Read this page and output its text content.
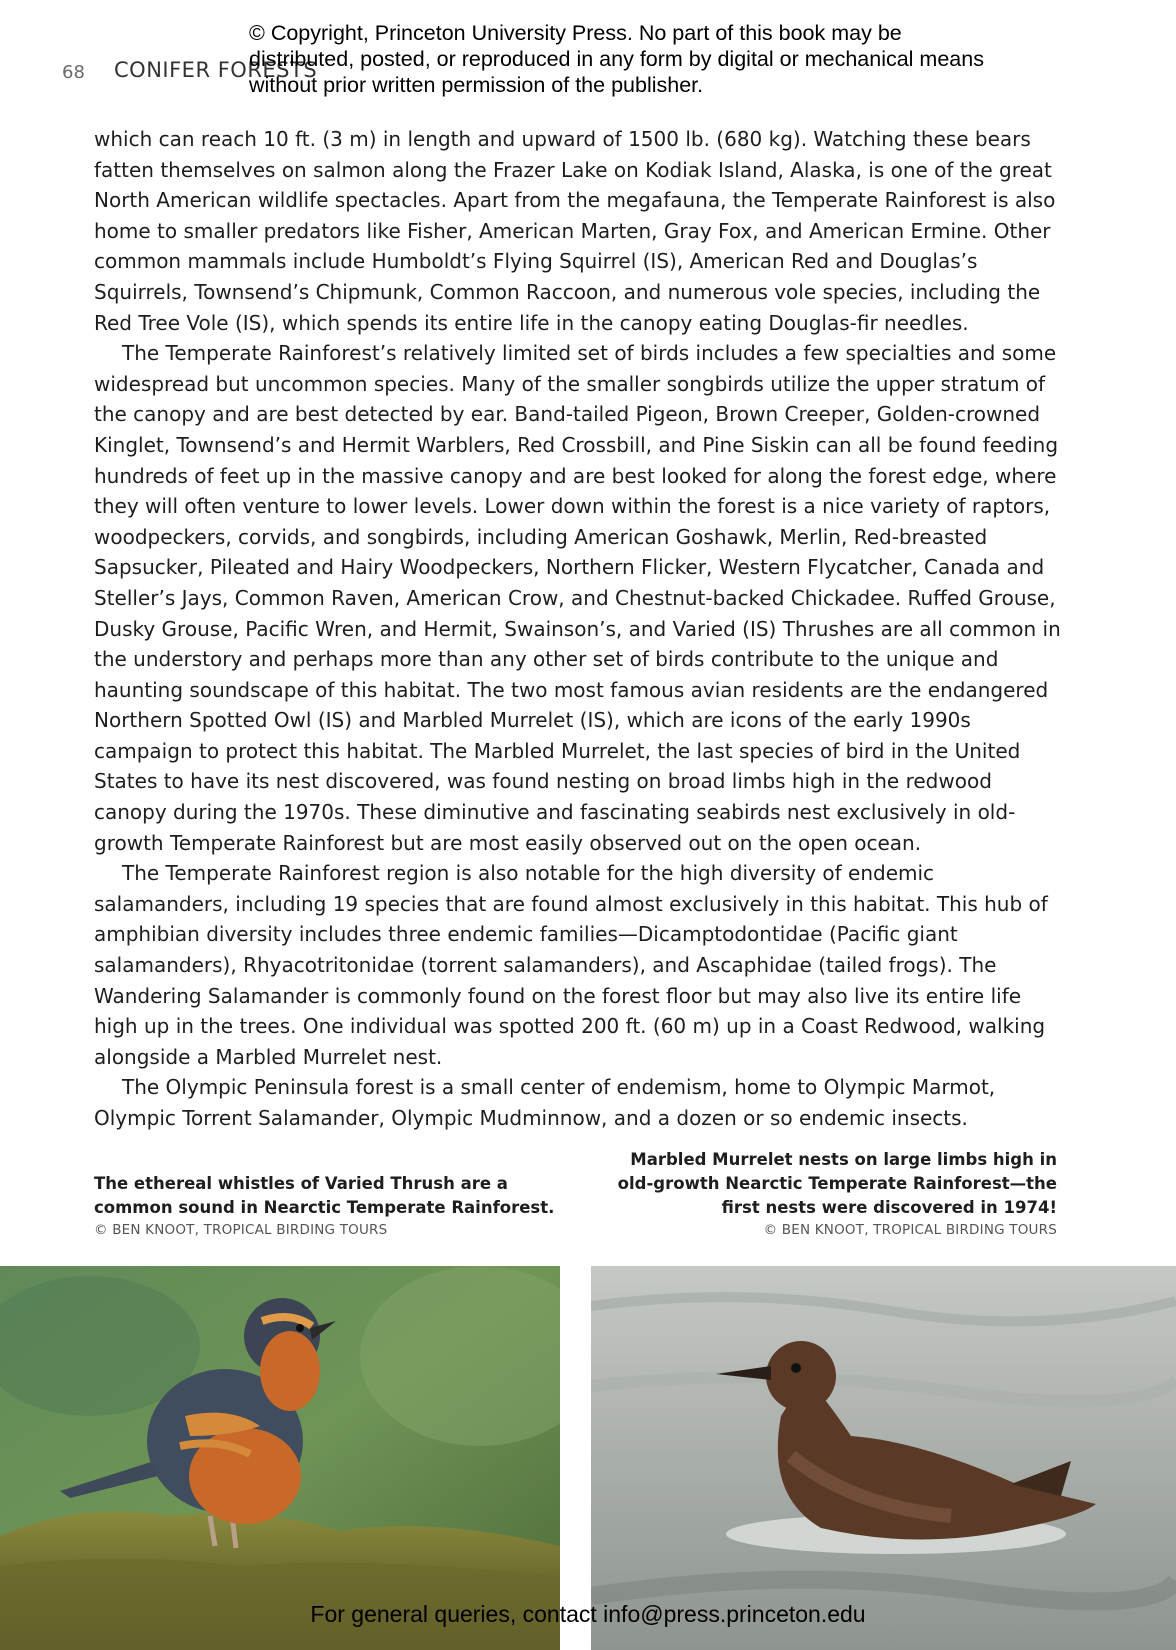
68 CONIFER FORESTS
© Copyright, Princeton University Press. No part of this book may be distributed, posted, or reproduced in any form by digital or mechanical means without prior written permission of the publisher.

which can reach 10 ft. (3 m) in length and upward of 1500 lb. (680 kg). Watching these bears fatten themselves on salmon along the Frazer Lake on Kodiak Island, Alaska, is one of the great North American wildlife spectacles. Apart from the megafauna, the Temperate Rainforest is also home to smaller predators like Fisher, American Marten, Gray Fox, and American Ermine. Other common mammals include Humboldt’s Flying Squirrel (IS), American Red and Douglas’s Squirrels, Townsend’s Chipmunk, Common Raccoon, and numerous vole species, including the Red Tree Vole (IS), which spends its entire life in the canopy eating Douglas-fir needles.

The Temperate Rainforest’s relatively limited set of birds includes a few specialties and some widespread but uncommon species. Many of the smaller songbirds utilize the upper stratum of the canopy and are best detected by ear. Band-tailed Pigeon, Brown Creeper, Golden-crowned Kinglet, Townsend’s and Hermit Warblers, Red Crossbill, and Pine Siskin can all be found feeding hundreds of feet up in the massive canopy and are best looked for along the forest edge, where they will often venture to lower levels. Lower down within the forest is a nice variety of raptors, woodpeckers, corvids, and songbirds, including American Goshawk, Merlin, Red-breasted Sapsucker, Pileated and Hairy Woodpeckers, Northern Flicker, Western Flycatcher, Canada and Steller’s Jays, Common Raven, American Crow, and Chestnut-backed Chickadee. Ruffed Grouse, Dusky Grouse, Pacific Wren, and Hermit, Swainson’s, and Varied (IS) Thrushes are all common in the understory and perhaps more than any other set of birds contribute to the unique and haunting soundscape of this habitat. The two most famous avian residents are the endangered Northern Spotted Owl (IS) and Marbled Murrelet (IS), which are icons of the early 1990s campaign to protect this habitat. The Marbled Murrelet, the last species of bird in the United States to have its nest discovered, was found nesting on broad limbs high in the redwood canopy during the 1970s. These diminutive and fascinating seabirds nest exclusively in old-growth Temperate Rainforest but are most easily observed out on the open ocean.

The Temperate Rainforest region is also notable for the high diversity of endemic salamanders, including 19 species that are found almost exclusively in this habitat. This hub of amphibian diversity includes three endemic families—Dicamptodontidae (Pacific giant salamanders), Rhyacotritonidae (torrent salamanders), and Ascaphidae (tailed frogs). The Wandering Salamander is commonly found on the forest floor but may also live its entire life high up in the trees. One individual was spotted 200 ft. (60 m) up in a Coast Redwood, walking alongside a Marbled Murrelet nest.

The Olympic Peninsula forest is a small center of endemism, home to Olympic Marmot, Olympic Torrent Salamander, Olympic Mudminnow, and a dozen or so endemic insects.

The ethereal whistles of Varied Thrush are a common sound in Nearctic Temperate Rainforest.
© BEN KNOOT, TROPICAL BIRDING TOURS
Marbled Murrelet nests on large limbs high in old-growth Nearctic Temperate Rainforest—the first nests were discovered in 1974!
© BEN KNOOT, TROPICAL BIRDING TOURS
For general queries, contact info@press.princeton.edu
